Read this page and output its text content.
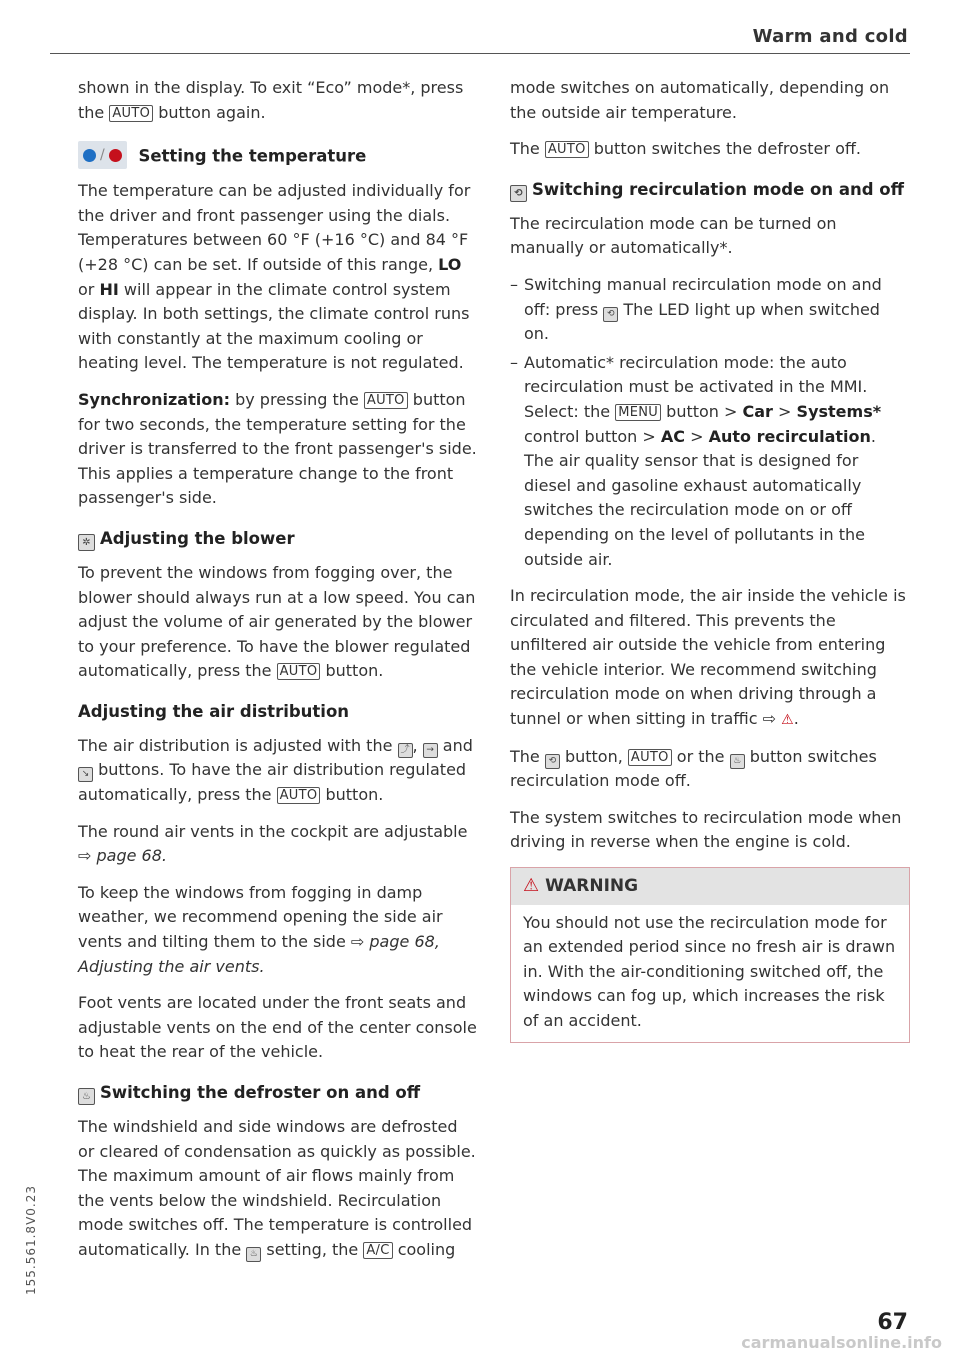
Warm and cold

shown in the display. To exit “Eco” mode*, press the AUTO button again.

/ Setting the temperature

The temperature can be adjusted individually for the driver and front passenger using the dials. Temperatures between 60 °F (+16 °C) and 84 °F (+28 °C) can be set. If outside of this range, LO or HI will appear in the climate control system display. In both settings, the climate control runs with constantly at the maximum cooling or heating level. The temperature is not regulated.

Synchronization: by pressing the AUTO button for two seconds, the temperature setting for the driver is transferred to the front passenger's side. This applies a temperature change to the front passenger's side.

✲ Adjusting the blower

To prevent the windows from fogging over, the blower should always run at a low speed. You can adjust the volume of air generated by the blower to your preference. To have the blower regulated automatically, press the AUTO button.

Adjusting the air distribution

The air distribution is adjusted with the ⤴ , → and ↘ buttons. To have the air distribution regulated automatically, press the AUTO button.

The round air vents in the cockpit are adjustable ⇨ page 68.

To keep the windows from fogging in damp weather, we recommend opening the side air vents and tilting them to the side ⇨ page 68, Adjusting the air vents.

Foot vents are located under the front seats and adjustable vents on the end of the center console to heat the rear of the vehicle.

♨ Switching the defroster on and off

The windshield and side windows are defrosted or cleared of condensation as quickly as possible. The maximum amount of air flows mainly from the vents below the windshield. Recirculation mode switches off. The temperature is controlled automatically. In the ♨ setting, the A/C cooling

mode switches on automatically, depending on the outside air temperature.

The AUTO button switches the defroster off.

⟲ Switching recirculation mode on and off

The recirculation mode can be turned on manually or automatically*.

– Switching manual recirculation mode on and off: press ⟲ The LED light up when switched on.
– Automatic* recirculation mode: the auto recirculation must be activated in the MMI. Select: the MENU button > Car > Systems* control button > AC > Auto recirculation. The air quality sensor that is designed for diesel and gasoline exhaust automatically switches the recirculation mode on or off depending on the level of pollutants in the outside air.

In recirculation mode, the air inside the vehicle is circulated and filtered. This prevents the unfiltered air outside the vehicle from entering the vehicle interior. We recommend switching recirculation mode on when driving through a tunnel or when sitting in traffic ⇨ ⚠.

The ⟲ button, AUTO or the ♨ button switches recirculation mode off.

The system switches to recirculation mode when driving in reverse when the engine is cold.

⚠ WARNING
You should not use the recirculation mode for an extended period since no fresh air is drawn in. With the air-conditioning switched off, the windows can fog up, which increases the risk of an accident.
155.561.8V0.23
67
carmanualsonline.info
